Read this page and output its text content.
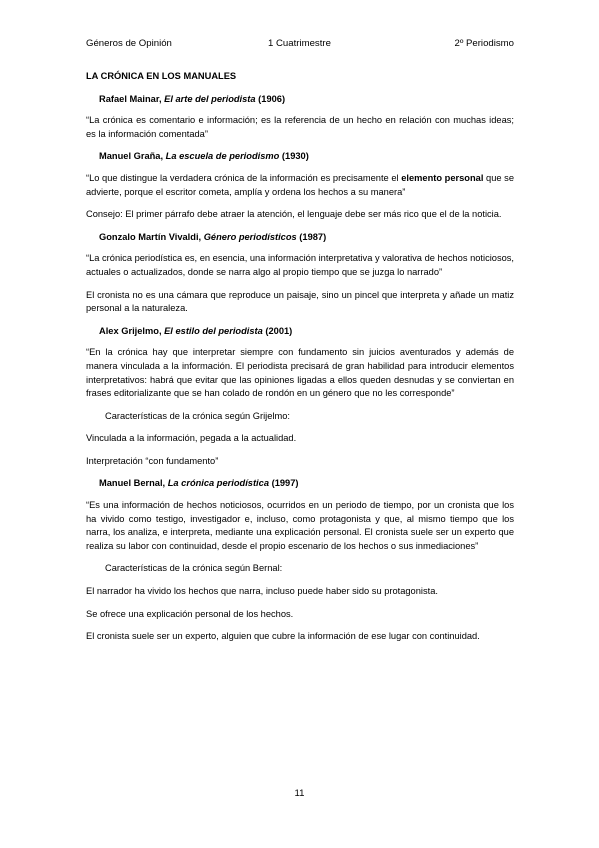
Géneros de Opinión	1 Cuatrimestre	2º Periodismo

LA CRÓNICA EN LOS MANUALES

Rafael Mainar, El arte del periodista (1906)

“La crónica es comentario e información; es la referencia de un hecho en relación con muchas ideas; es la información comentada”

Manuel Graña, La escuela de periodismo (1930)

“Lo que distingue la verdadera crónica de la información es precisamente el elemento personal que se advierte, porque el escritor cometa, amplía y ordena los hechos a su manera”

Consejo: El primer párrafo debe atraer la atención, el lenguaje debe ser más rico que el de la noticia.

Gonzalo Martín Vivaldi, Género periodísticos (1987)

“La crónica periodística es, en esencia, una información interpretativa y valorativa de hechos noticiosos, actuales o actualizados, donde se narra algo al propio tiempo que se juzga lo narrado”

El cronista no es una cámara que reproduce un paisaje, sino un pincel que interpreta y añade un matiz personal a la naturaleza.

Alex Grijelmo, El estilo del periodista (2001)

“En la crónica hay que interpretar siempre con fundamento sin juicios aventurados y además de manera vinculada a la información. El periodista precisará de gran habilidad para introducir elementos interpretativos: habrá que evitar que las opiniones ligadas a ellos queden desnudas y se conviertan en frases editorializante que se han colado de rondón en un género que no les corresponde”

Características de la crónica según Grijelmo:

Vinculada a la información, pegada a la actualidad.

Interpretación “con fundamento”

Manuel Bernal, La crónica periodística (1997)

“Es una información de hechos noticiosos, ocurridos en un periodo de tiempo, por un cronista que los ha vivido como testigo, investigador e, incluso, como protagonista y que, al mismo tiempo que los narra, los analiza, e interpreta, mediante una explicación personal. El cronista suele ser un experto que realiza su labor con continuidad, desde el propio escenario de los hechos o sus inmediaciones”

Características de la crónica según Bernal:

El narrador ha vivido los hechos que narra, incluso puede haber sido su protagonista.

Se ofrece una explicación personal de los hechos.

El cronista suele ser un experto, alguien que cubre la información de ese lugar con continuidad.

11
